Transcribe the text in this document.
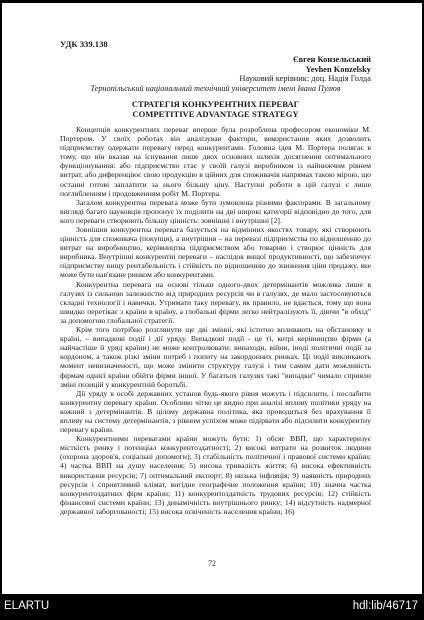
УДК 339.138
Євген Конзельський
Yevhen Konzelsky
Науковий керівник: доц. Надія Голда
Тернопільський національний технічний університет імені Івана Пулюя
СТРАТЕГІЯ КОНКУРЕНТНИХ ПЕРЕВАГ
COMPETITIVE ADVANTAGE STRATEGY

Концепція конкурентних переваг вперше була розроблена професором економіки М. Портером. У своїх роботах він аналізував фактори, використання яких дозволить підприємству одержати перевагу перед конкурентами. Головна ідея М. Портера полягає в тому, що він вказав на існування лише двох основних шляхів досягнення оптимального функціонування: або підприємство стає у своїй галузі виробником із найнижчим рівнем витрат, або диференціює свою продукцію в ційних для споживачів напрямах такою мірою, що останні готові заплатити за нього більшу ціну. Наступні роботи в цій галузі є лише поглибленням і продовженням робіт М. Портера.

Загалом конкурентна перевага може бути зумовлена різними факторами. В загальному вигляді багато науковців пропонує їх поділити на дві широкі категорії відповідно до того, для кого переваги створюють більшу цінність: зовнішні і внутрішні [2].

Зовнішня конкурентна перевага базується на відмінних якостях товару, які створюють цінність для споживача (покупця), а внутрішня – на перевазі підприємства по відношенню до витрат на виробництво, керівництва підприємством або товарню і створює цінність для виробника. Внутрішні конкурентні переваги – наслідок вищої продуктивності, що забезпечує підприємству вищу рентабельність і стійкість по відношенню до зниження ціни продажу, яке може бути нав'язане ринком або конкурентами.

Конкурентна перевага на основі тільки одного-двох детермінантів можлива лише в галузях із сильною залежністю від природних ресурсів чи в галузях, де мало застосовуються складні технології і навички. Утримати таку перевагу, як правило, не вдається, тому що вона швидко перетікає з країни в країну, а глобальні фірми легко нейтралізують її, діючи "в обхід" за допомогою глобальної стратегії.

Крім того потрібно розглянути ще дві змінні, які істотно впливають на обстановку в країні, – випадкові події і дії уряду. Випадкові події - це ті, котрі керівництво фірми (а найчастіше й уряд країни) не може контролювати: винаходи, війни, іноді політичні події за кордоном, а також різкі зміни потреб і попиту на закордонних ринках. Ці події викликають момент невизначеності, що може змінити структуру галузі і тим самим дати можливість фірмам однієї країни обійти фірми іншої. У багатьох галузях такі "випадки" чимало сприяли зміні позицій у конкурентній боротьбі.

Дії уряду в особі державних установ будь-якого рівня можуть і підсилити, і послабити конкурентну перевагу країни. Особливо чітко це видно при аналізі впливу політики уряду на кожний з детермінантів. В цілому державна політика, яка проводиться без врахування її впливу на систему детермінантів, з рівним успіхом може підірвати або підсилити конкурентну перевагу країни.

Конкурентними перевагами країни можуть бути: 1) обсяг ВВП, що характеризує місткість ринку і потенціал конкурентоздатності; 2) високі витрати на розвиток людини (охорона здоров'я, соціальні допомоги); 3) стабільність політичної і правової системи країни; 4) частка ВВП на душу населення; 5) висока тривалість життя; 6) висока ефективність використання ресурсів; 7) оптимальний експорт; 8) низька інфляція; 9) наявність природних ресурсів і сприятливий клімат, вигідне географічне положення країни; 10) значна частка конкурентоздатних фірм країни; 11) конкурентоздатність трудових ресурсів; 12) стійкість фінансової системи країни; 13) динамічність внутрішнього ринку; 14) відсутність надмерної державної заборгованості; 15) висока освіченість населення країни; 16)

72
ELARTU	hdl:lib/46717
